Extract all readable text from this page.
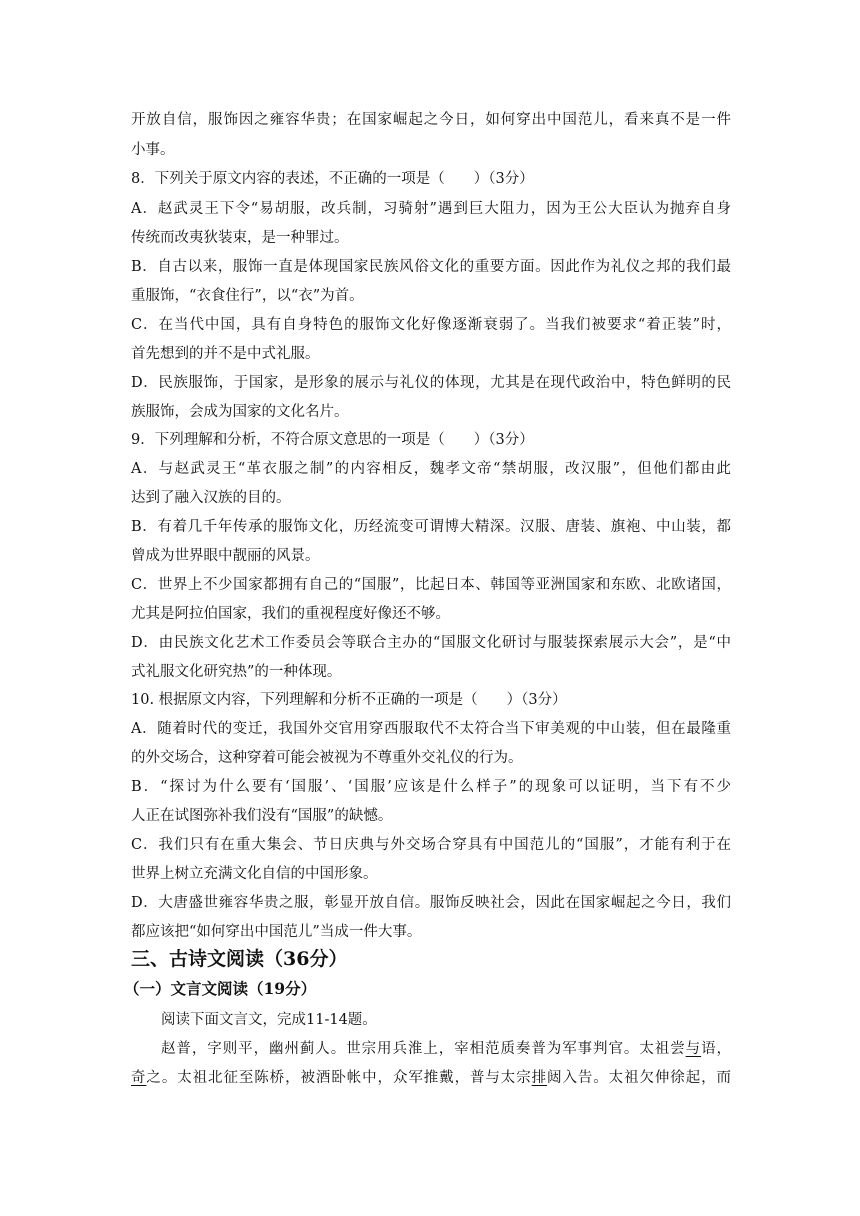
开放自信，服饰因之雍容华贵；在国家崛起之今日，如何穿出中国范儿，看来真不是一件
小事。
8．下列关于原文内容的表述，不正确的一项是（　　）（3分）
A．赵武灵王下令“易胡服，改兵制，习骑射”遇到巨大阻力，因为王公大臣认为抛弃自身
传统而改夷狄装束，是一种罪过。
B．自古以来，服饰一直是体现国家民族风俗文化的重要方面。因此作为礼仪之邦的我们最
重服饰，“衣食住行”，以“衣”为首。
C．在当代中国，具有自身特色的服饰文化好像逐渐衰弱了。当我们被要求“着正装”时，
首先想到的并不是中式礼服。
D．民族服饰，于国家，是形象的展示与礼仪的体现，尤其是在现代政治中，特色鲜明的民
族服饰，会成为国家的文化名片。
9．下列理解和分析，不符合原文意思的一项是（　　）（3分）
A．与赵武灵王“革衣服之制”的内容相反，魏孝文帝“禁胡服，改汉服”，但他们都由此
达到了融入汉族的目的。
B．有着几千年传承的服饰文化，历经流变可谓博大精深。汉服、唐装、旗袍、中山装，都
曾成为世界眼中靓丽的风景。
C．世界上不少国家都拥有自己的“国服”，比起日本、韩国等亚洲国家和东欧、北欧诸国，
尤其是阿拉伯国家，我们的重视程度好像还不够。
D．由民族文化艺术工作委员会等联合主办的“国服文化研讨与服装探索展示大会”，是“中
式礼服文化研究热”的一种体现。
10. 根据原文内容，下列理解和分析不正确的一项是（　　）（3分）
A．随着时代的变迁，我国外交官用穿西服取代不太符合当下审美观的中山装，但在最隆重
的外交场合，这种穿着可能会被视为不尊重外交礼仪的行为。
B．“探讨为什么要有‘国服’、‘国服’应该是什么样子”的现象可以证明，当下有不少
人正在试图弥补我们没有“国服”的缺憾。
C．我们只有在重大集会、节日庆典与外交场合穿具有中国范儿的“国服”，才能有利于在
世界上树立充满文化自信的中国形象。
D．大唐盛世雍容华贵之服，彰显开放自信。服饰反映社会，因此在国家崛起之今日，我们
都应该把“如何穿出中国范儿”当成一件大事。
三、古诗文阅读（36分）
（一）文言文阅读（19分）
阅读下面文言文，完成11-14题。
赵普，字则平，幽州蓟人。世宗用兵淮上，宰相范质奏普为军事判官。太祖尝与语，
奇之。太祖北征至陈桥，被酒卧帐中，众军推戴，普与太宗排闼入告。太祖欠伸徐起，而
